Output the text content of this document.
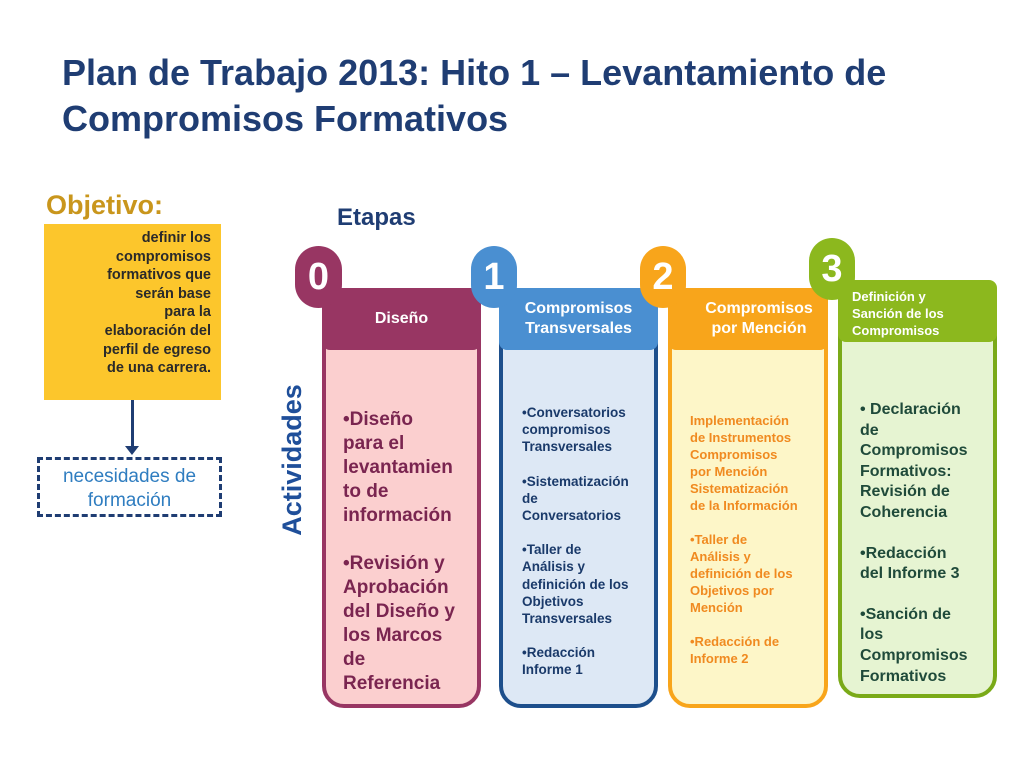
Plan de Trabajo 2013: Hito 1 – Levantamiento de Compromisos Formativos
Objetivo:
definir los
compromisos
formativos que
serán base
para la
elaboración del
perfil de egreso
de una carrera.
necesidades de
formación
Etapas
Actividades
Diseño
0

•Diseño

para el

levantamien

to de

información

•Revisión y

Aprobación

del Diseño y

los Marcos

de

Referencia

Compromisos
Transversales
1

•Conversatorios

compromisos

Transversales

•Sistematización

de

Conversatorios

•Taller de

Análisis y

definición de los

Objetivos

Transversales

•Redacción

Informe 1

Compromisos
por Mención
2

Implementación

de Instrumentos

Compromisos

por Mención

Sistematización

de la Información

•Taller de

Análisis y

definición de los

Objetivos por

Mención

•Redacción de

Informe 2

Definición y
Sanción de los
Compromisos
3

• Declaración

de

Compromisos

Formativos:

Revisión de

Coherencia

•Redacción

del Informe 3

•Sanción de

los

Compromisos

Formativos
